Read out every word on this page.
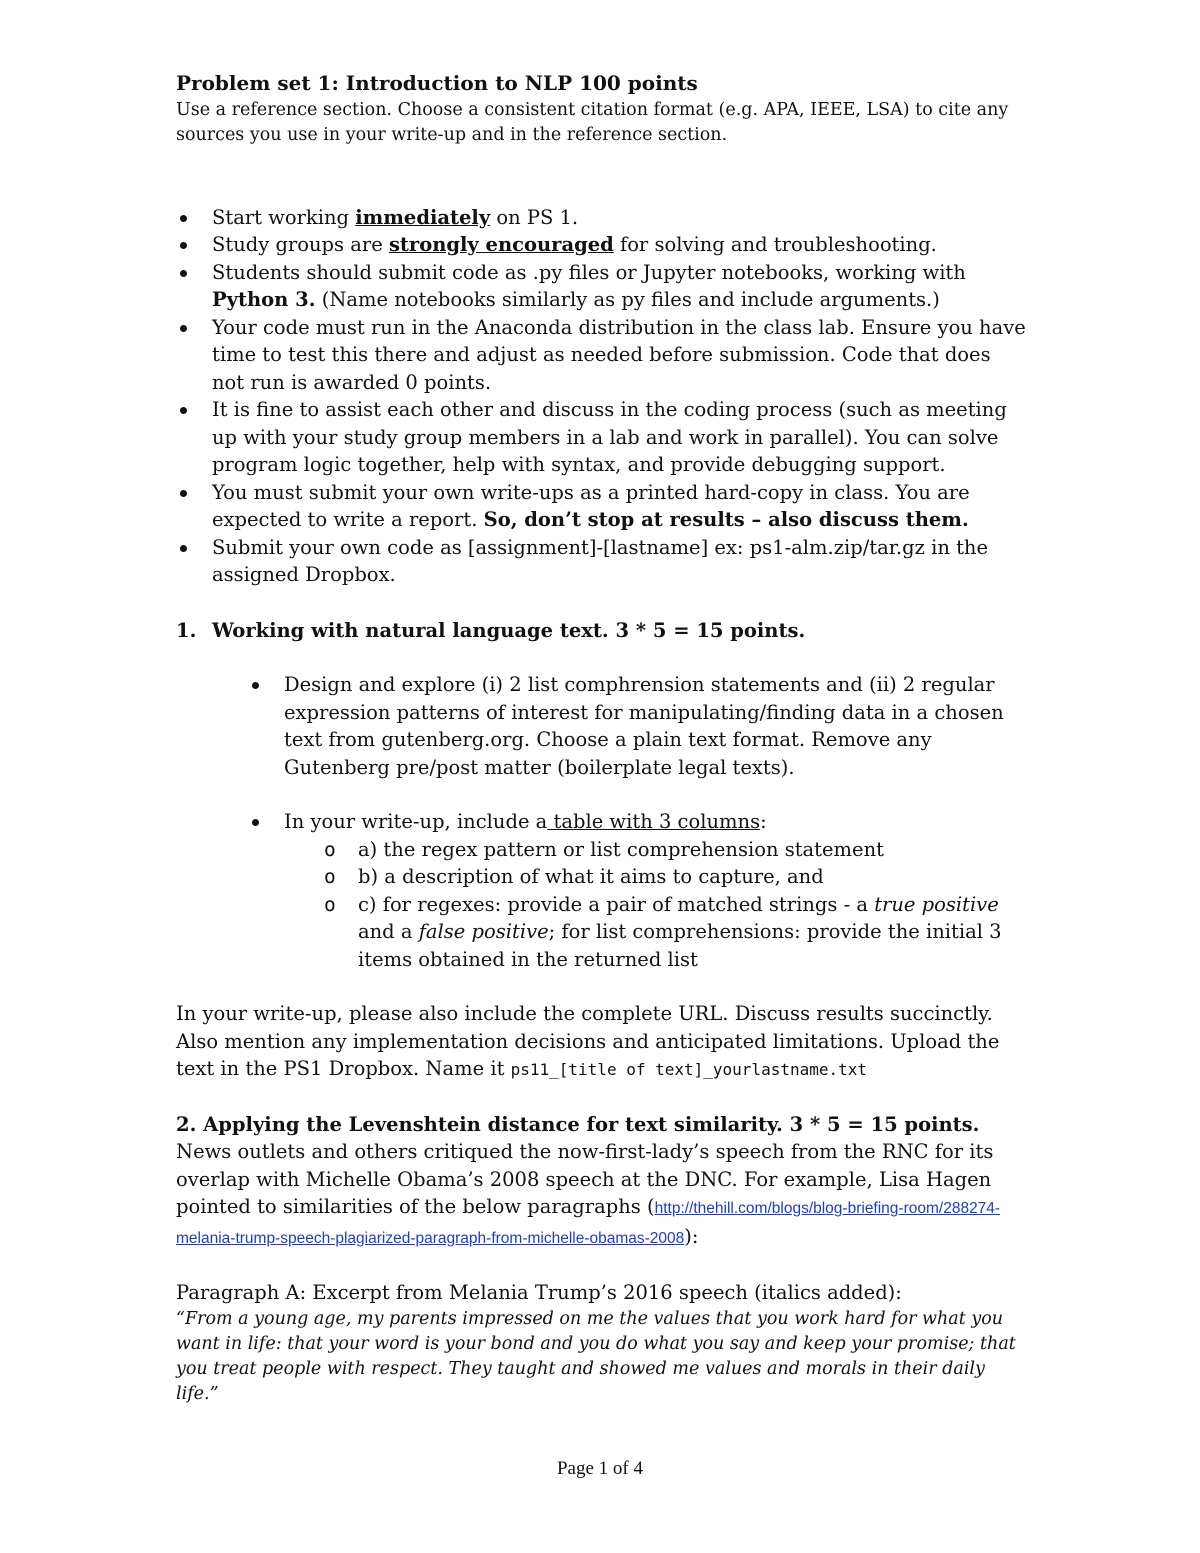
Problem set 1: Introduction to NLP 100 points

Use a reference section. Choose a consistent citation format (e.g. APA, IEEE, LSA) to cite any sources you use in your write-up and in the reference section.

Start working immediately on PS 1.
Study groups are strongly encouraged for solving and troubleshooting.
Students should submit code as .py files or Jupyter notebooks, working with Python 3. (Name notebooks similarly as py files and include arguments.)
Your code must run in the Anaconda distribution in the class lab. Ensure you have time to test this there and adjust as needed before submission. Code that does not run is awarded 0 points.
It is fine to assist each other and discuss in the coding process (such as meeting up with your study group members in a lab and work in parallel). You can solve program logic together, help with syntax, and provide debugging support.
You must submit your own write-ups as a printed hard-copy in class. You are expected to write a report. So, don’t stop at results – also discuss them.
Submit your own code as [assignment]-[lastname] ex: ps1-alm.zip/tar.gz in the assigned Dropbox.

1. Working with natural language text. 3 * 5 = 15 points.

Design and explore (i) 2 list comphrension statements and (ii) 2 regular expression patterns of interest for manipulating/finding data in a chosen text from gutenberg.org. Choose a plain text format. Remove any Gutenberg pre/post matter (boilerplate legal texts).
In your write-up, include a table with 3 columns:
o a) the regex pattern or list comprehension statement
o b) a description of what it aims to capture, and
o c) for regexes: provide a pair of matched strings - a true positive and a false positive; for list comprehensions: provide the initial 3 items obtained in the returned list

In your write-up, please also include the complete URL. Discuss results succinctly. Also mention any implementation decisions and anticipated limitations. Upload the text in the PS1 Dropbox. Name it ps11_[title of text]_yourlastname.txt

2. Applying the Levenshtein distance for text similarity. 3 * 5 = 15 points.

News outlets and others critiqued the now-first-lady’s speech from the RNC for its overlap with Michelle Obama’s 2008 speech at the DNC. For example, Lisa Hagen pointed to similarities of the below paragraphs (http://thehill.com/blogs/blog-briefing-room/288274-melania-trump-speech-plagiarized-paragraph-from-michelle-obamas-2008):

Paragraph A: Excerpt from Melania Trump’s 2016 speech (italics added):

“From a young age, my parents impressed on me the values that you work hard for what you want in life: that your word is your bond and you do what you say and keep your promise; that you treat people with respect. They taught and showed me values and morals in their daily life.”

Page 1 of 4
